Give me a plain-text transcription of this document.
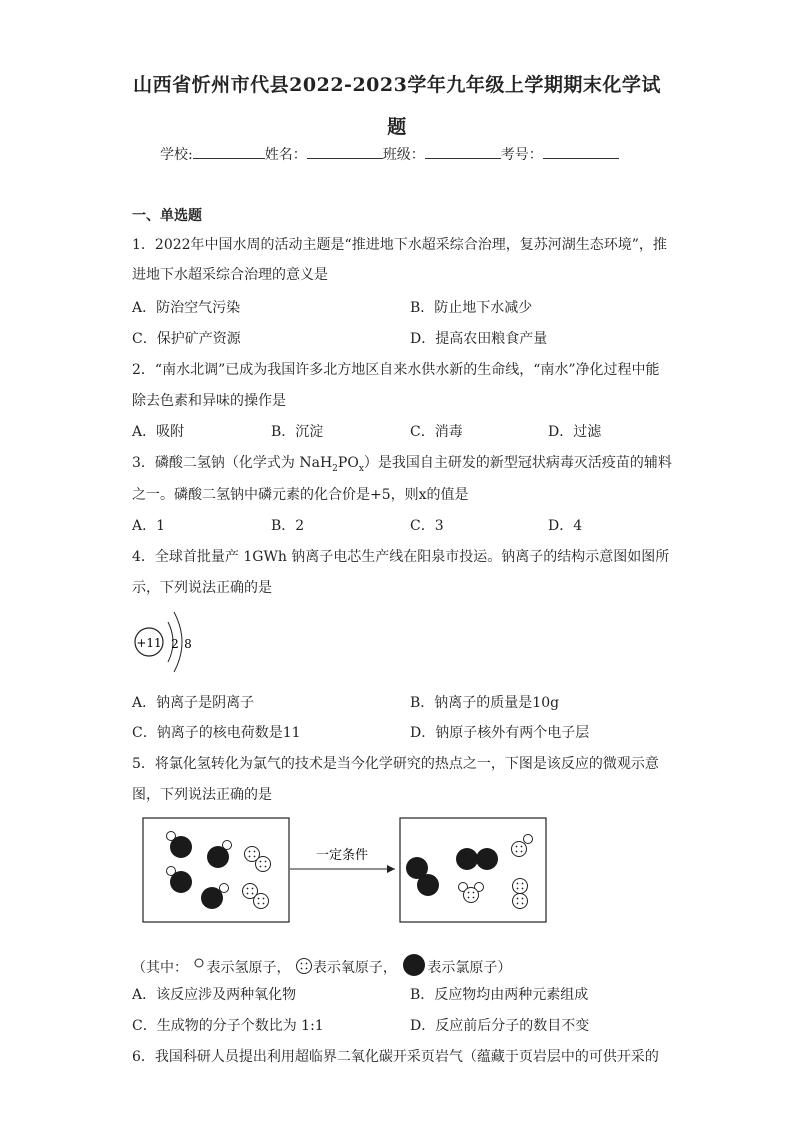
山西省忻州市代县2022-2023学年九年级上学期期末化学试
题
学校:	姓名：	班级：	考号：
一、单选题
1．2022年中国水周的活动主题是“推进地下水超采综合治理，复苏河湖生态环境”，推
进地下水超采综合治理的意义是
A．防治空气污染	B．防止地下水减少
C．保护矿产资源	D．提高农田粮食产量
2．“南水北调”已成为我国许多北方地区自来水供水新的生命线，“南水”净化过程中能
除去色素和异味的操作是
A．吸附	B．沉淀	C．消毒	D．过滤
3．磷酸二氢钠（化学式为 $NaH_2PO_x$）是我国自主研发的新型冠状病毒灭活疫苗的辅料
之一。磷酸二氢钠中磷元素的化合价是+5，则x的值是
A．1	B．2	C．3	D．4
4．全球首批量产 1GWh 钠离子电芯生产线在阳泉市投运。钠离子的结构示意图如图所
示，下列说法正确的是
+11 2 8
A．钠离子是阴离子	B．钠离子的质量是10g
C．钠离子的核电荷数是11	D．钠原子核外有两个电子层
5．将氯化氢转化为氯气的技术是当今化学研究的热点之一，下图是该反应的微观示意
图，下列说法正确的是
一定条件
（其中： 表示氢原子， 表示氧原子， 表示氯原子）
A．该反应涉及两种氧化物	B．反应物均由两种元素组成
C．生成物的分子个数比为 1:1	D．反应前后分子的数目不变
6．我国科研人员提出利用超临界二氧化碳开采页岩气（蕴藏于页岩层中的可供开采的
